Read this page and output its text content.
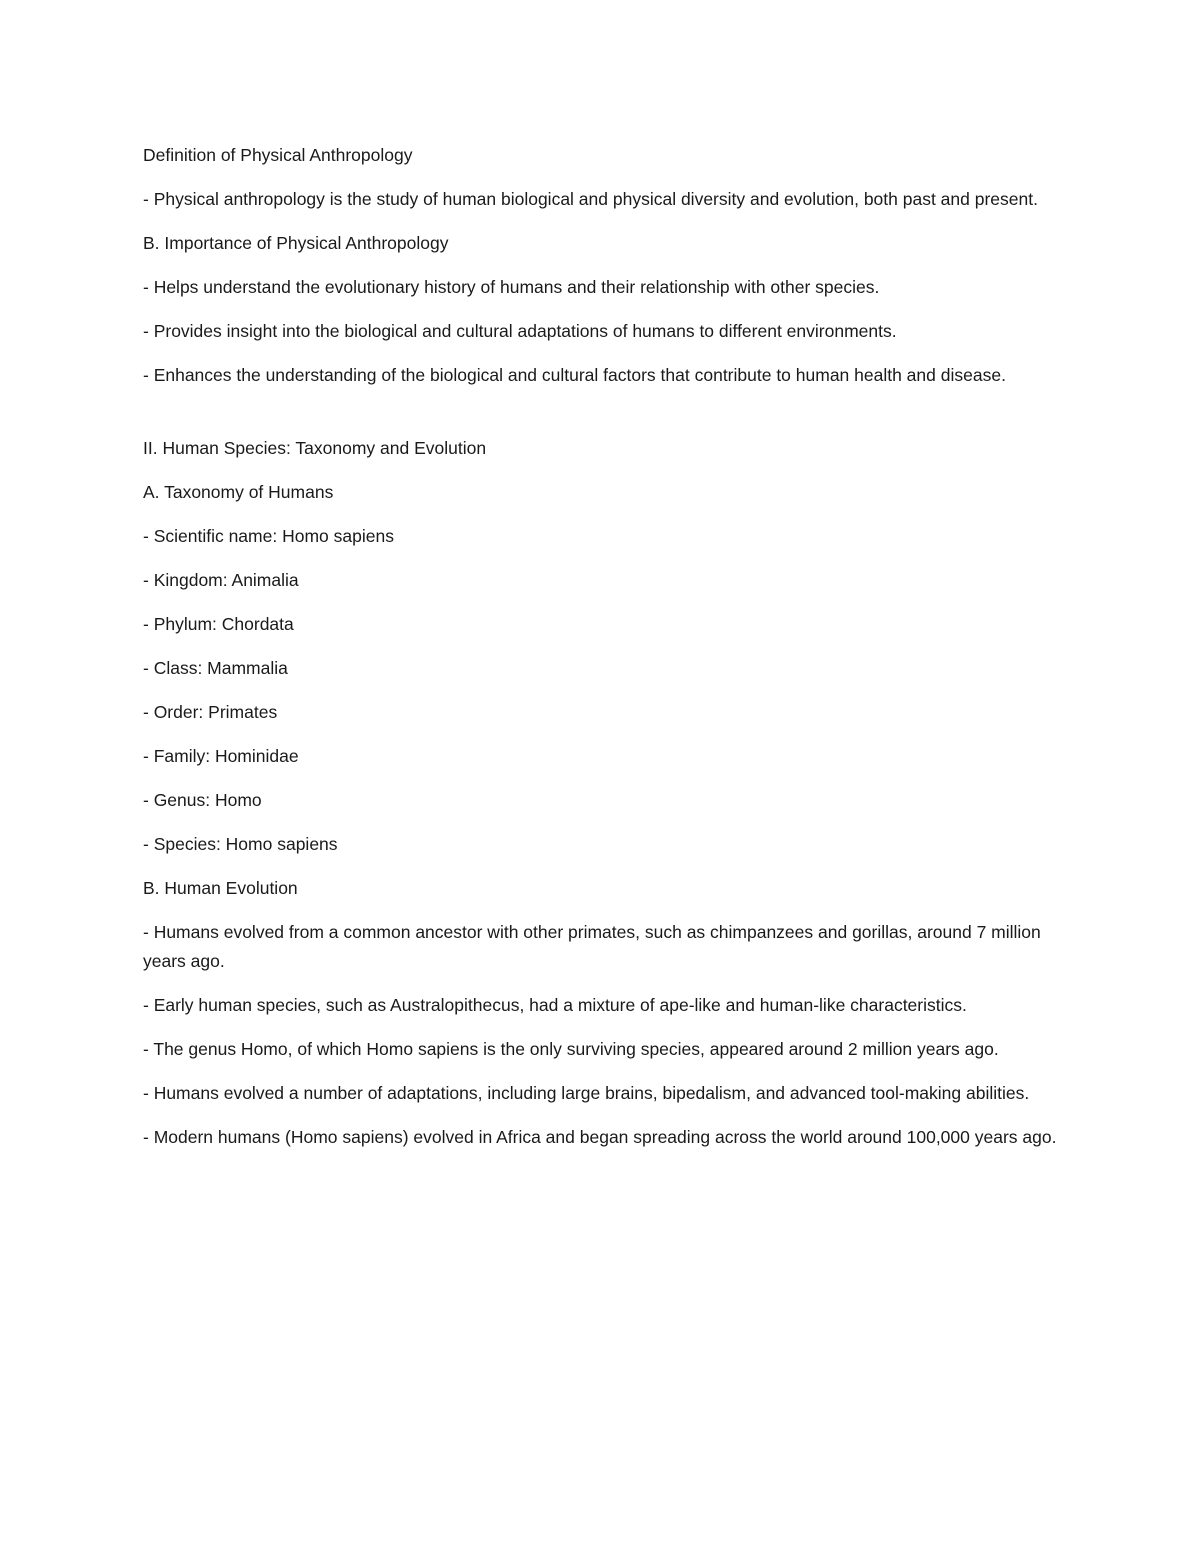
Definition of Physical Anthropology

- Physical anthropology is the study of human biological and physical diversity and evolution, both past and present.

B. Importance of Physical Anthropology

- Helps understand the evolutionary history of humans and their relationship with other species.

- Provides insight into the biological and cultural adaptations of humans to different environments.

- Enhances the understanding of the biological and cultural factors that contribute to human health and disease.

II. Human Species: Taxonomy and Evolution

A. Taxonomy of Humans

- Scientific name: Homo sapiens

- Kingdom: Animalia

- Phylum: Chordata

- Class: Mammalia

- Order: Primates

- Family: Hominidae

- Genus: Homo

- Species: Homo sapiens

B. Human Evolution

- Humans evolved from a common ancestor with other primates, such as chimpanzees and gorillas, around 7 million years ago.

- Early human species, such as Australopithecus, had a mixture of ape-like and human-like characteristics.

- The genus Homo, of which Homo sapiens is the only surviving species, appeared around 2 million years ago.

- Humans evolved a number of adaptations, including large brains, bipedalism, and advanced tool-making abilities.

- Modern humans (Homo sapiens) evolved in Africa and began spreading across the world around 100,000 years ago.
